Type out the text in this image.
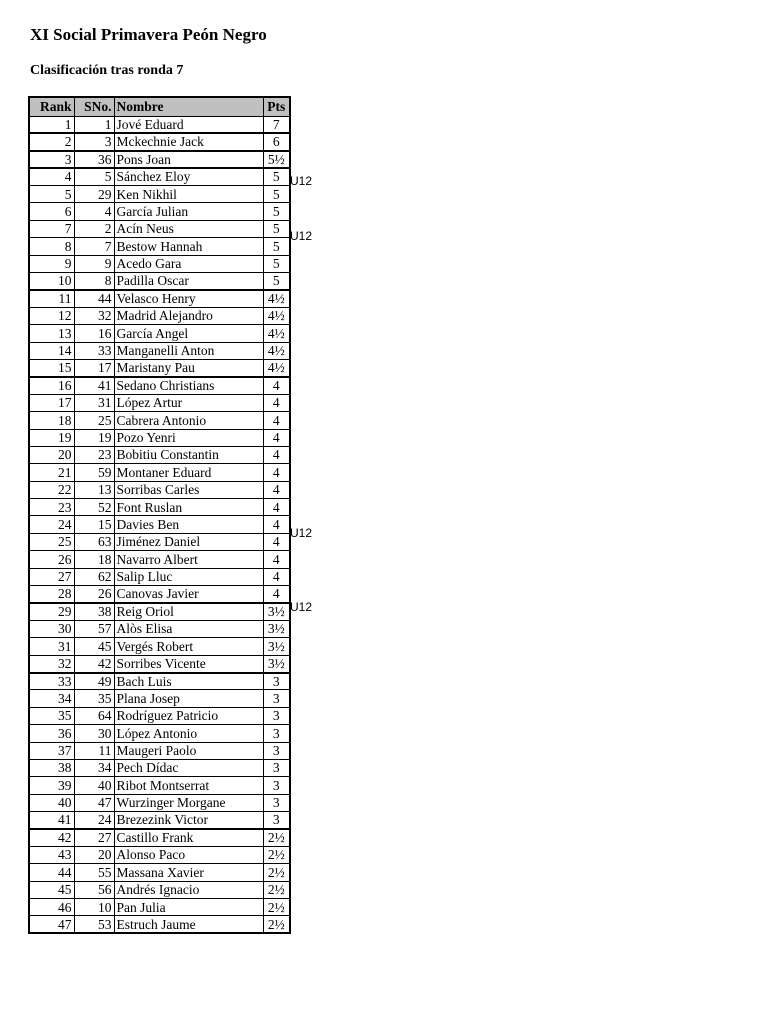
XI Social Primavera Peón Negro
Clasificación tras ronda 7
Rank	SNo.	Nombre	Pts
1	1	Jové Eduard	7
2	3	Mckechnie Jack	6
3	36	Pons Joan	5½
4	5	Sánchez Eloy	5
5	29	Ken Nikhil	5
6	4	García Julian	5
7	2	Acín Neus	5
8	7	Bestow Hannah	5
9	9	Acedo Gara	5
10	8	Padilla Oscar	5
11	44	Velasco Henry	4½
12	32	Madrid Alejandro	4½
13	16	García Angel	4½
14	33	Manganelli Anton	4½
15	17	Maristany Pau	4½
16	41	Sedano Christians	4
17	31	López Artur	4
18	25	Cabrera Antonio	4
19	19	Pozo Yenri	4
20	23	Bobitiu Constantin	4
21	59	Montaner Eduard	4
22	13	Sorribas Carles	4
23	52	Font Ruslan	4
24	15	Davies Ben	4
25	63	Jiménez Daniel	4
26	18	Navarro Albert	4
27	62	Salip Lluc	4
28	26	Canovas Javier	4
29	38	Reig Oriol	3½
30	57	Alòs Elisa	3½
31	45	Vergés Robert	3½
32	42	Sorribes Vicente	3½
33	49	Bach Luis	3
34	35	Plana Josep	3
35	64	Rodríguez Patricio	3
36	30	López Antonio	3
37	11	Maugeri Paolo	3
38	34	Pech Dídac	3
39	40	Ribot Montserrat	3
40	47	Wurzinger Morgane	3
41	24	Brezezink Victor	3
42	27	Castillo Frank	2½
43	20	Alonso Paco	2½
44	55	Massana Xavier	2½
45	56	Andrés Ignacio	2½
46	10	Pan Julia	2½
47	53	Estruch Jaume	2½
U12
U12
U12
U12
